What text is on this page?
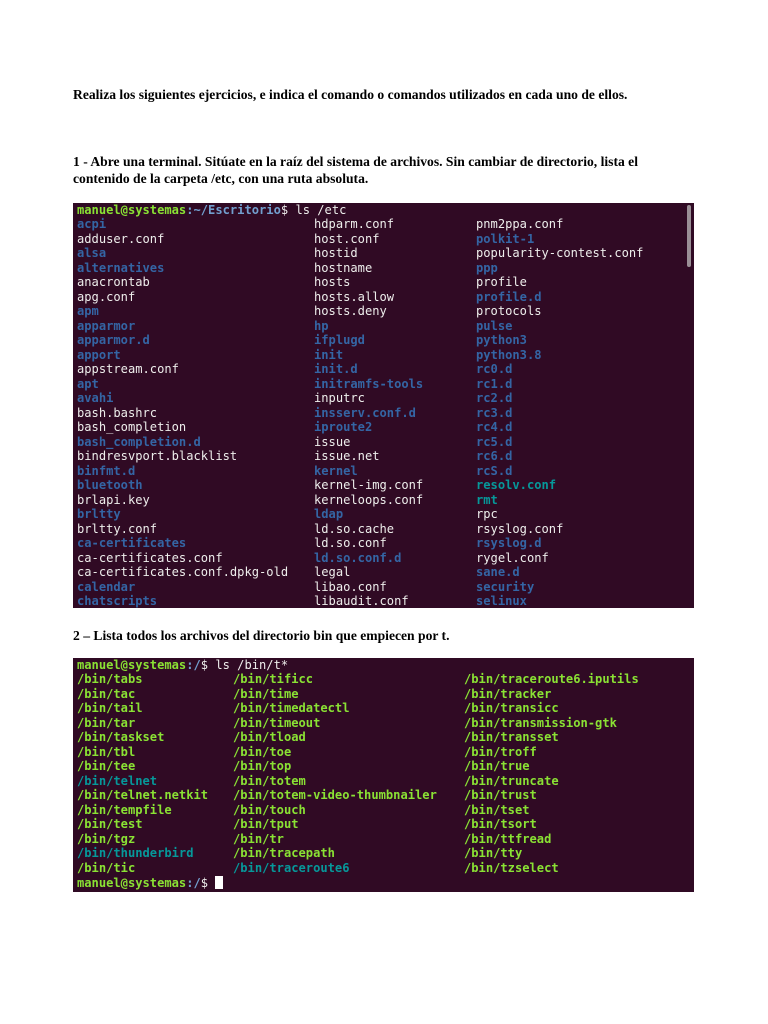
Realiza los siguientes ejercicios, e indica el comando o comandos utilizados en cada uno de ellos.

1 - Abre una terminal. Sitúate en la raíz del sistema de archivos. Sin cambiar de directorio, lista el contenido de la carpeta /etc, con una ruta absoluta.

manuel@systemas:~/Escritorio$ ls /etc
acpi
adduser.conf
alsa
alternatives
anacrontab
apg.conf
apm
apparmor
apparmor.d
apport
appstream.conf
apt
avahi
bash.bashrc
bash_completion
bash_completion.d
bindresvport.blacklist
binfmt.d
bluetooth
brlapi.key
brltty
brltty.conf
ca-certificates
ca-certificates.conf
ca-certificates.conf.dpkg-old
calendar
chatscripts
hdparm.conf
host.conf
hostid
hostname
hosts
hosts.allow
hosts.deny
hp
ifplugd
init
init.d
initramfs-tools
inputrc
insserv.conf.d
iproute2
issue
issue.net
kernel
kernel-img.conf
kerneloops.conf
ldap
ld.so.cache
ld.so.conf
ld.so.conf.d
legal
libao.conf
libaudit.conf
pnm2ppa.conf
polkit-1
popularity-contest.conf
ppp
profile
profile.d
protocols
pulse
python3
python3.8
rc0.d
rc1.d
rc2.d
rc3.d
rc4.d
rc5.d
rc6.d
rcS.d
resolv.conf
rmt
rpc
rsyslog.conf
rsyslog.d
rygel.conf
sane.d
security
selinux

2 – Lista todos los archivos del directorio bin que empiecen por t.

manuel@systemas:/$ ls /bin/t*
/bin/tabs
/bin/tac
/bin/tail
/bin/tar
/bin/taskset
/bin/tbl
/bin/tee
/bin/telnet
/bin/telnet.netkit
/bin/tempfile
/bin/test
/bin/tgz
/bin/thunderbird
/bin/tic
/bin/tificc
/bin/time
/bin/timedatectl
/bin/timeout
/bin/tload
/bin/toe
/bin/top
/bin/totem
/bin/totem-video-thumbnailer
/bin/touch
/bin/tput
/bin/tr
/bin/tracepath
/bin/traceroute6
/bin/traceroute6.iputils
/bin/tracker
/bin/transicc
/bin/transmission-gtk
/bin/transset
/bin/troff
/bin/true
/bin/truncate
/bin/trust
/bin/tset
/bin/tsort
/bin/ttfread
/bin/tty
/bin/tzselect
manuel@systemas:/$
